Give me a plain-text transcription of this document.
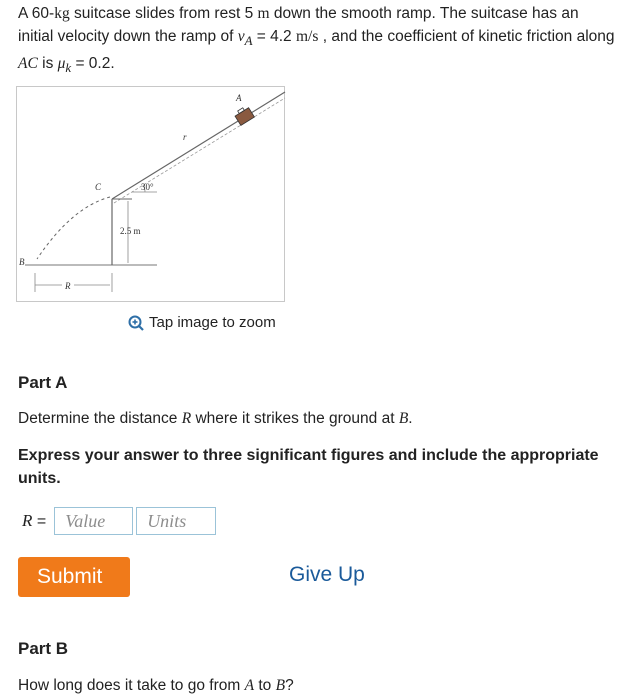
A 60-kg suitcase slides from rest 5 m down the smooth ramp. The suitcase has an initial velocity down the ramp of $v_A = 4.2$ m/s , and the coefficient of kinetic friction along AC is $\mu_k = 0.2$.
A
B
C
R
30°
2.5 m
r
Tap image to zoom
Part A
Determine the distance R where it strikes the ground at B.
Express your answer to three significant figures and include the appropriate units.
R =
Value
Units
Submit	Give Up
Part B
How long does it take to go from A to B?
